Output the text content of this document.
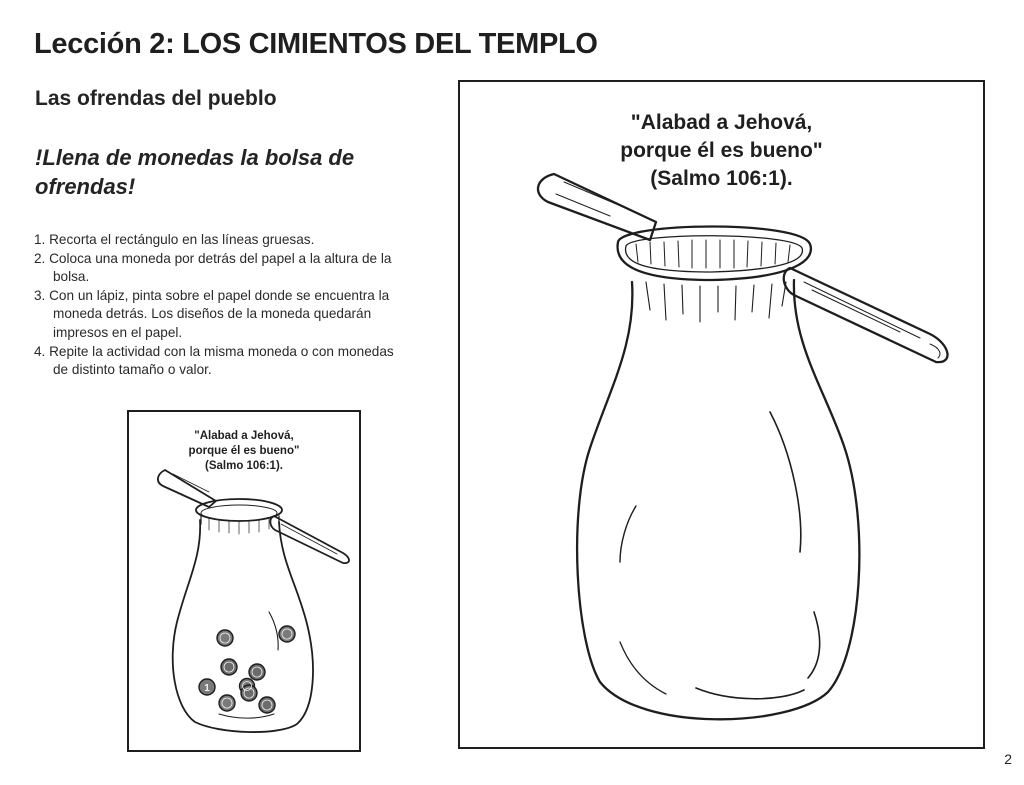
Lección 2: LOS CIMIENTOS DEL TEMPLO
Las ofrendas del pueblo
!Llena de monedas la bolsa de ofrendas!
1. Recorta el rectángulo en las líneas gruesas.
2. Coloca una moneda por detrás del papel a la altura de la bolsa.
3. Con un lápiz, pinta sobre el papel donde se encuentra la moneda detrás. Los diseños de la moneda quedarán impresos en el papel.
4. Repite la actividad con la misma moneda o con monedas de distinto tamaño o valor.
"Alabad a Jehová,
porque él es bueno"
(Salmo 106:1).
1
"Alabad a Jehová,
porque él es bueno"
(Salmo 106:1).
2
